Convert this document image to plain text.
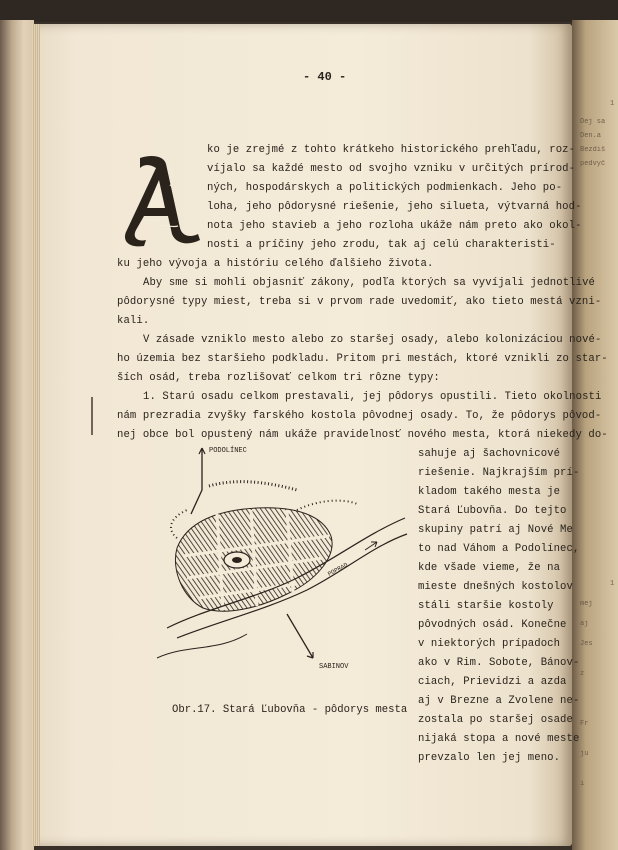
1
Dej sa
Den.a
Bezdiš
pedvyč
1
mej
aj
Jes
z
Fr
ju
i
- 40 -
A	ko je zrejmé z tohto krátkeho historického prehľadu, roz-
víjalo sa každé mesto od svojho vzniku v určitých prírod-
ných, hospodárskych a politických podmienkach. Jeho po-
loha, jeho pôdorysné riešenie, jeho silueta, výtvarná hod-
nota jeho stavieb a jeho rozloha ukáže nám preto ako okol-
nosti a príčiny jeho zrodu, tak aj celú charakteristi-
ku jeho vývoja a históriu celého ďalšieho života.
Aby sme si mohli objasniť zákony, podľa ktorých sa vyvíjali jednotlivé
pôdorysné typy miest, treba si v prvom rade uvedomiť, ako tieto mestá vzni-
kali.
V zásade vzniklo mesto alebo zo staršej osady, alebo kolonizáciou nové-
ho územia bez staršieho podkladu. Pritom pri mestách, ktoré vznikli zo star-
ších osád, treba rozlišovať celkom tri rôzne typy:
1. Starú osadu celkom prestavali, jej pôdorys opustili. Tieto okolnosti
nám prezradia zvyšky farského kostola pôvodnej osady. To, že pôdorys pôvod-
nej obce bol opustený nám ukáže pravidelnosť nového mesta, ktorá niekedy do-
sahuje aj šachovnicové
riešenie. Najkrajším prí-
kladom takého mesta je
Stará Ľubovňa. Do tejto
skupiny patrí aj Nové Me
to nad Váhom a Podolínec,
kde všade vieme, že na
mieste dnešných kostolov
stáli staršie kostoly
pôvodných osád. Konečne
v niektorých prípadoch
ako v Rim. Sobote, Bánov-
ciach, Prievidzi a azda
aj v Brezne a Zvolene ne-
zostala po staršej osade
nijaká stopa a nové meste
prevzalo len jej meno.
PODOLÍNEC
POPRAD
SABINOV
Obr.17. Stará Ľubovňa - pôdorys mesta
